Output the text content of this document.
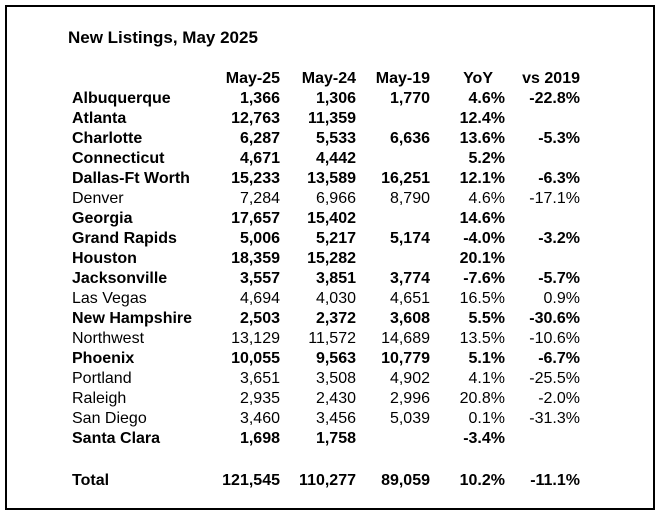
New Listings, May 2025
May-25 May-24 May-19 YoY vs 2019
Albuquerque	1,366 1,306 1,770 4.6% -22.8%
Atlanta	12,763 11,359	12.4%
Charlotte	6,287 5,533 6,636 13.6% -5.3%
Connecticut	4,671 4,442	5.2%
Dallas-Ft Worth	15,233 13,589 16,251 12.1% -6.3%
Denver	7,284 6,966 8,790 4.6% -17.1%
Georgia	17,657 15,402	14.6%
Grand Rapids	5,006 5,217 5,174 -4.0% -3.2%
Houston	18,359 15,282	20.1%
Jacksonville	3,557 3,851 3,774 -7.6% -5.7%
Las Vegas	4,694 4,030 4,651 16.5% 0.9%
New Hampshire	2,503 2,372 3,608 5.5% -30.6%
Northwest	13,129 11,572 14,689 13.5% -10.6%
Phoenix	10,055 9,563 10,779 5.1% -6.7%
Portland	3,651 3,508 4,902 4.1% -25.5%
Raleigh	2,935 2,430 2,996 20.8% -2.0%
San Diego	3,460 3,456 5,039 0.1% -31.3%
Santa Clara	1,698 1,758	-3.4%
Total	121,545 110,277 89,059 10.2% -11.1%
